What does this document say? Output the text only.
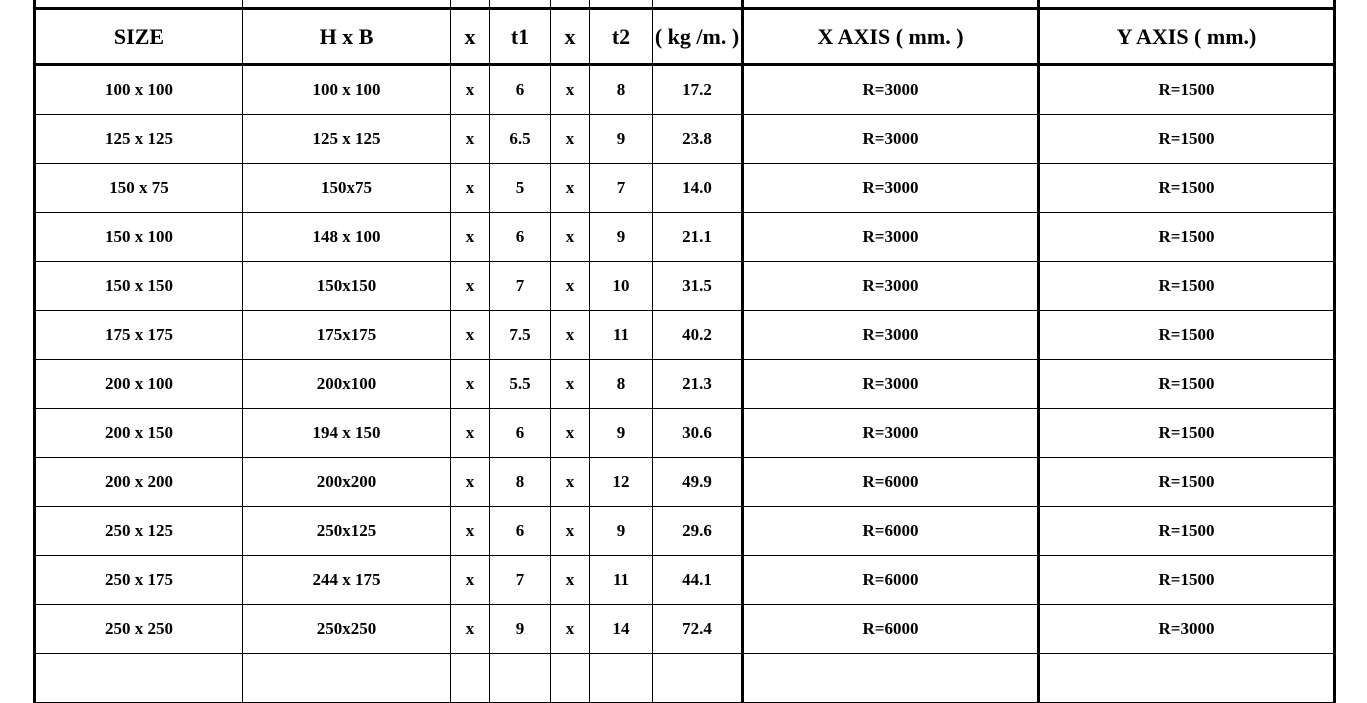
SIZE	H x B	x	t1	x	t2	( kg /m. )	X AXIS ( mm. )	Y AXIS ( mm.)
100 x 100	100 x 100	x	6	x	8	17.2	R=3000	R=1500
125 x 125	125 x 125	x	6.5	x	9	23.8	R=3000	R=1500
150 x 75	150x75	x	5	x	7	14.0	R=3000	R=1500
150 x 100	148 x 100	x	6	x	9	21.1	R=3000	R=1500
150 x 150	150x150	x	7	x	10	31.5	R=3000	R=1500
175 x 175	175x175	x	7.5	x	11	40.2	R=3000	R=1500
200 x 100	200x100	x	5.5	x	8	21.3	R=3000	R=1500
200 x 150	194 x 150	x	6	x	9	30.6	R=3000	R=1500
200 x 200	200x200	x	8	x	12	49.9	R=6000	R=1500
250 x 125	250x125	x	6	x	9	29.6	R=6000	R=1500
250 x 175	244 x 175	x	7	x	11	44.1	R=6000	R=1500
250 x 250	250x250	x	9	x	14	72.4	R=6000	R=3000
